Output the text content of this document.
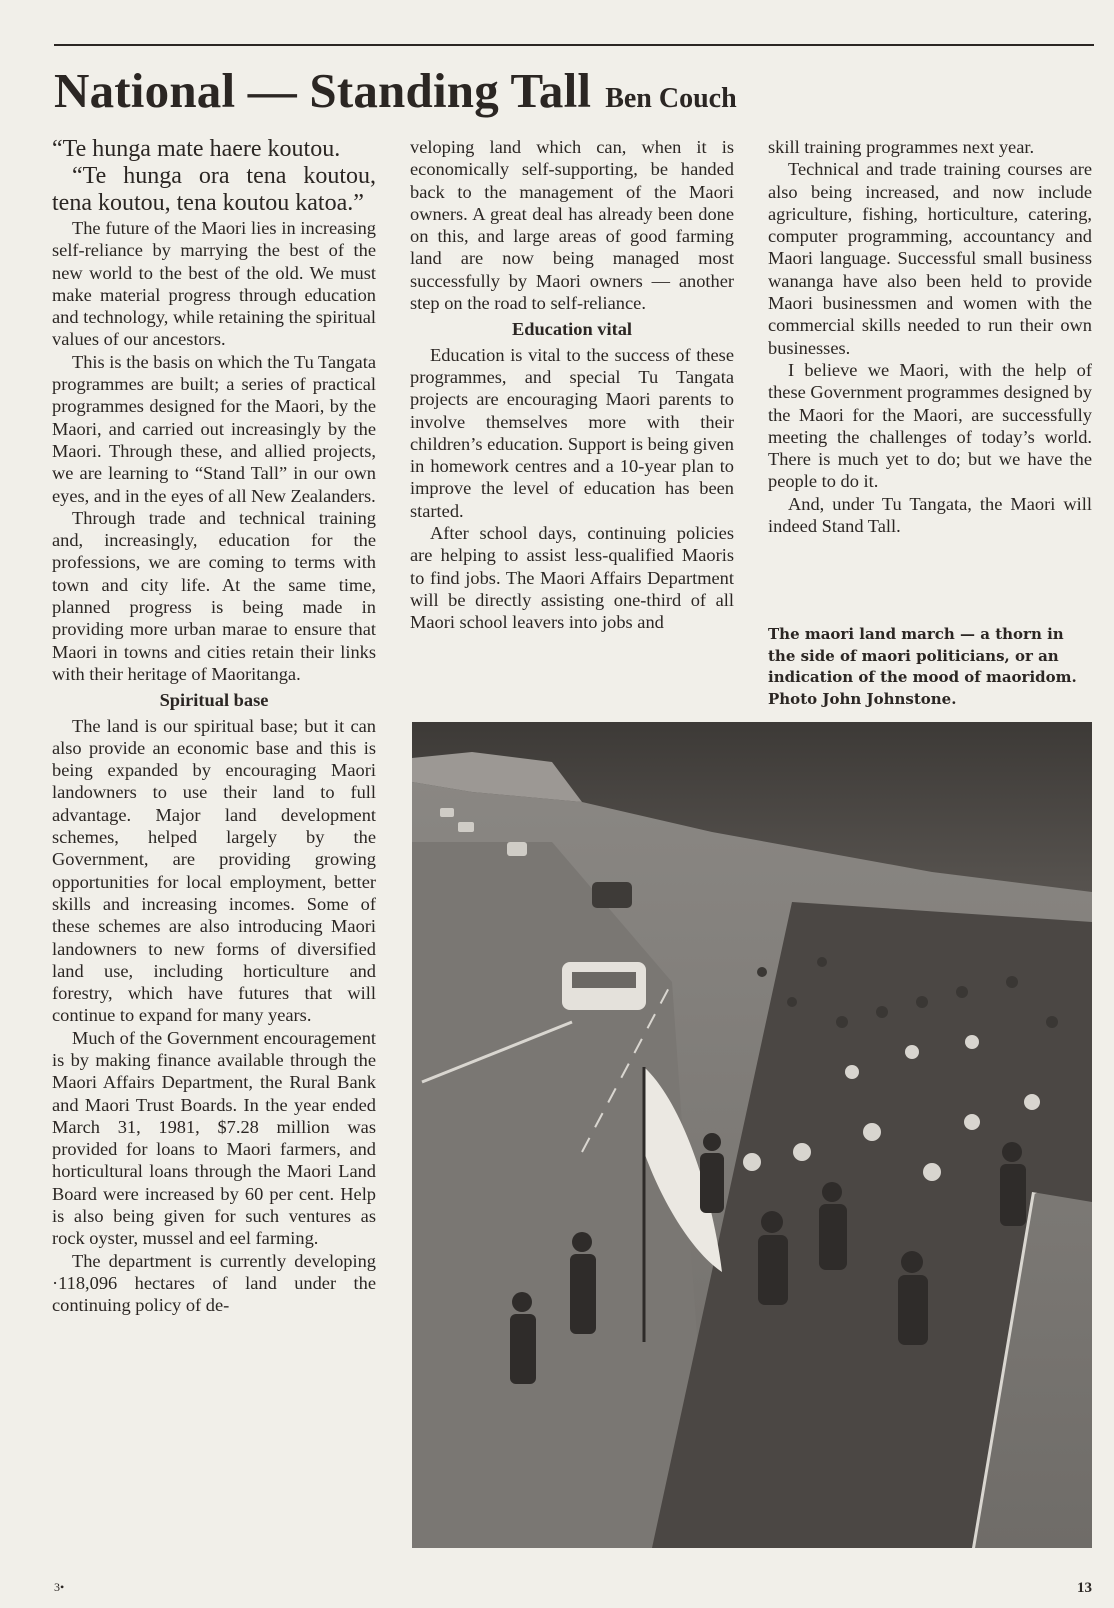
National — Standing Tall Ben Couch

“Te hunga mate haere koutou.

“Te hunga ora tena koutou, tena koutou, tena koutou katoa.”

The future of the Maori lies in increasing self-reliance by marrying the best of the new world to the best of the old. We must make material progress through education and technology, while retaining the spiritual values of our ancestors.

This is the basis on which the Tu Tangata programmes are built; a series of practical programmes designed for the Maori, by the Maori, and carried out increasingly by the Maori. Through these, and allied projects, we are learning to “Stand Tall” in our own eyes, and in the eyes of all New Zealanders.

Through trade and technical training and, increasingly, education for the professions, we are coming to terms with town and city life. At the same time, planned progress is being made in providing more urban marae to ensure that Maori in towns and cities retain their links with their heritage of Maoritanga.

Spiritual base

The land is our spiritual base; but it can also provide an economic base and this is being expanded by encouraging Maori landowners to use their land to full advantage. Major land development schemes, helped largely by the Government, are providing growing opportunities for local employment, better skills and increasing incomes. Some of these schemes are also introducing Maori landowners to new forms of diversified land use, including horticulture and forestry, which have futures that will continue to expand for many years.

Much of the Government encouragement is by making finance available through the Maori Affairs Department, the Rural Bank and Maori Trust Boards. In the year ended March 31, 1981, $7.28 million was provided for loans to Maori farmers, and horticultural loans through the Maori Land Board were increased by 60 per cent. Help is also being given for such ventures as rock oyster, mussel and eel farming.

The department is currently developing ·118,096 hectares of land under the continuing policy of de-

veloping land which can, when it is economically self-supporting, be handed back to the management of the Maori owners. A great deal has already been done on this, and large areas of good farming land are now being managed most successfully by Maori owners — another step on the road to self-reliance.

Education vital

Education is vital to the success of these programmes, and special Tu Tangata projects are encouraging Maori parents to involve themselves more with their children’s education. Support is being given in homework centres and a 10-year plan to improve the level of education has been started.

After school days, continuing policies are helping to assist less-qualified Maoris to find jobs. The Maori Affairs Department will be directly assisting one-third of all Maori school leavers into jobs and

skill training programmes next year.

Technical and trade training courses are also being increased, and now include agriculture, fishing, horticulture, catering, computer programming, accountancy and Maori language. Successful small business wananga have also been held to provide Maori businessmen and women with the commercial skills needed to run their own businesses.

I believe we Maori, with the help of these Government programmes designed by the Maori for the Maori, are successfully meeting the challenges of today’s world. There is much yet to do; but we have the people to do it.

And, under Tu Tangata, the Maori will indeed Stand Tall.

The maori land march — a thorn in the side of maori politicians, or an indication of the mood of maoridom. Photo John Johnstone.
3•	13
